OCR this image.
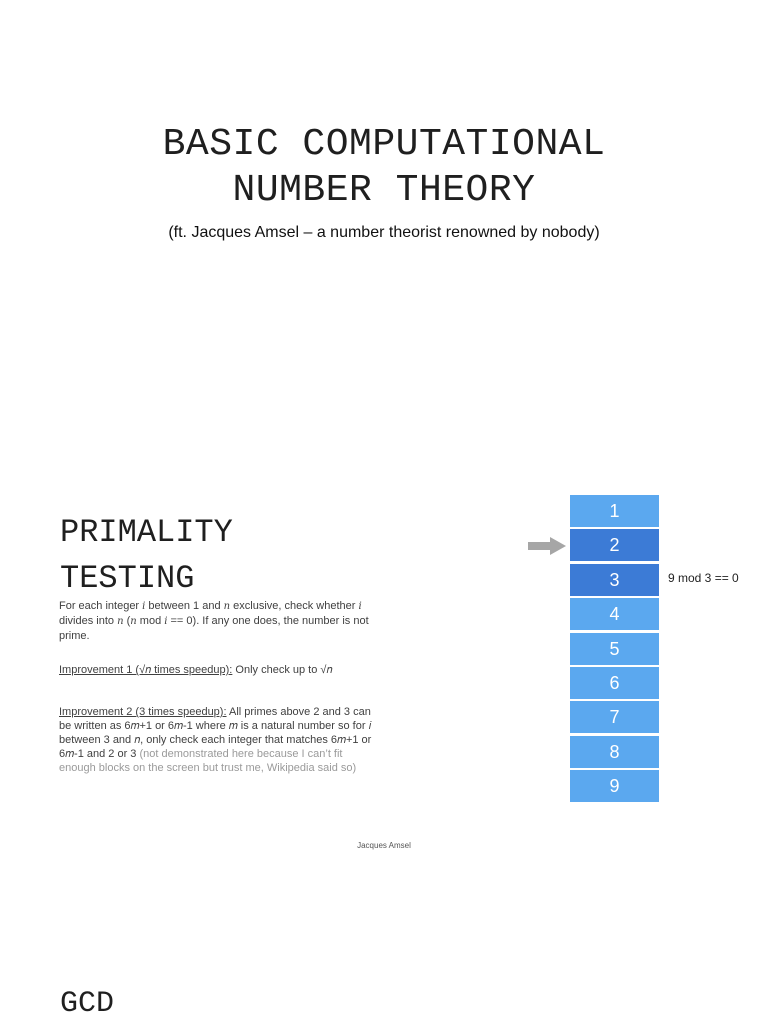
BASIC COMPUTATIONAL
NUMBER THEORY
(ft. Jacques Amsel – a number theorist renowned by nobody)
PRIMALITY
TESTING
For each integer 𝑖 between 1 and 𝑛 exclusive, check whether 𝑖 divides into 𝑛 (𝑛 mod 𝑖 == 0). If any one does, the number is not prime.
Improvement 1 (√𝑛 times speedup): Only check up to √𝑛
Improvement 2 (3 times speedup): All primes above 2 and 3 can be written as 6𝑚+1 or 6𝑚-1 where 𝑚 is a natural number so for 𝑖 between 3 and 𝑛, only check each integer that matches 6𝑚+1 or 6𝑚-1 and 2 or 3 (not demonstrated here because I can’t fit enough blocks on the screen but trust me, Wikipedia said so)
1
2
3
4
5
6
7
8
9
9 mod 3 == 0
Jacques Amsel
GCD
